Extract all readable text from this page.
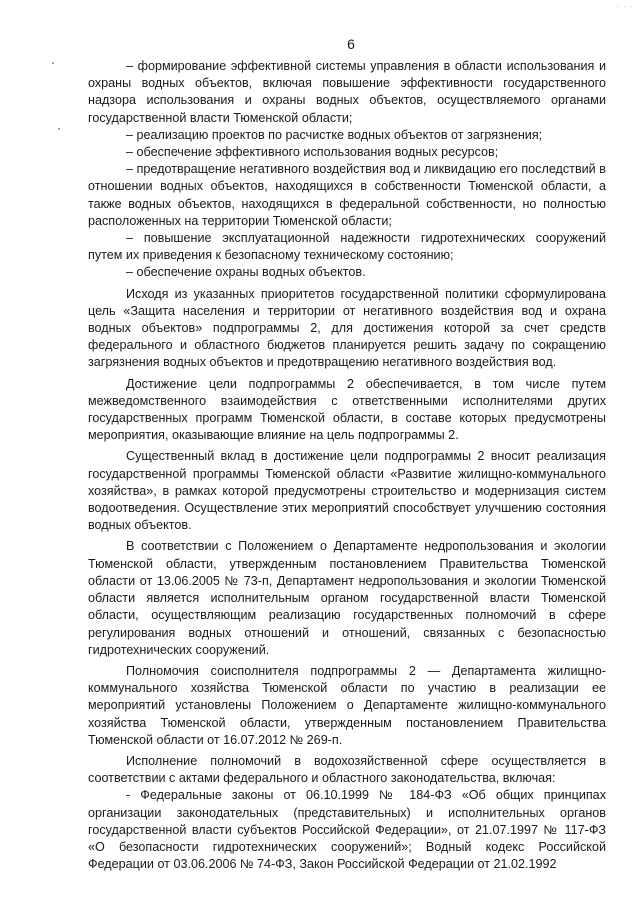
· · ·
6

– формирование эффективной системы управления в области использования и охраны водных объектов, включая повышение эффективности государственного надзора использования и охраны водных объектов, осуществляемого органами государственной власти Тюменской области;

– реализацию проектов по расчистке водных объектов от загрязнения;

– обеспечение эффективного использования водных ресурсов;

– предотвращение негативного воздействия вод и ликвидацию его последствий в отношении водных объектов, находящихся в собственности Тюменской области, а также водных объектов, находящихся в федеральной собственности, но полностью расположенных на территории Тюменской области;

– повышение эксплуатационной надежности гидротехнических сооружений путем их приведения к безопасному техническому состоянию;

– обеспечение охраны водных объектов.

Исходя из указанных приоритетов государственной политики сформулирована цель «Защита населения и территории от негативного воздействия вод и охрана водных объектов» подпрограммы 2, для достижения которой за счет средств федерального и областного бюджетов планируется решить задачу по сокращению загрязнения водных объектов и предотвращению негативного воздействия вод.

Достижение цели подпрограммы 2 обеспечивается, в том числе путем межведомственного взаимодействия с ответственными исполнителями других государственных программ Тюменской области, в составе которых предусмотрены мероприятия, оказывающие влияние на цель подпрограммы 2.

Существенный вклад в достижение цели подпрограммы 2 вносит реализация государственной программы Тюменской области «Развитие жилищно-коммунального хозяйства», в рамках которой предусмотрены строительство и модернизация систем водоотведения. Осуществление этих мероприятий способствует улучшению состояния водных объектов.

В соответствии с Положением о Департаменте недропользования и экологии Тюменской области, утвержденным постановлением Правительства Тюменской области от 13.06.2005 № 73-п, Департамент недропользования и экологии Тюменской области является исполнительным органом государственной власти Тюменской области, осуществляющим реализацию государственных полномочий в сфере регулирования водных отношений и отношений, связанных с безопасностью гидротехнических сооружений.

Полномочия соисполнителя подпрограммы 2 — Департамента жилищно-коммунального хозяйства Тюменской области по участию в реализации ее мероприятий установлены Положением о Департаменте жилищно-коммунального хозяйства Тюменской области, утвержденным постановлением Правительства Тюменской области от 16.07.2012 № 269-п.

Исполнение полномочий в водохозяйственной сфере осуществляется в соответствии с актами федерального и областного законодательства, включая:

- Федеральные законы от 06.10.1999 № 184-ФЗ «Об общих принципах организации законодательных (представительных) и исполнительных органов государственной власти субъектов Российской Федерации», от 21.07.1997 № 117-ФЗ «О безопасности гидротехнических сооружений»; Водный кодекс Российской Федерации от 03.06.2006 № 74-ФЗ, Закон Российской Федерации от 21.02.1992
